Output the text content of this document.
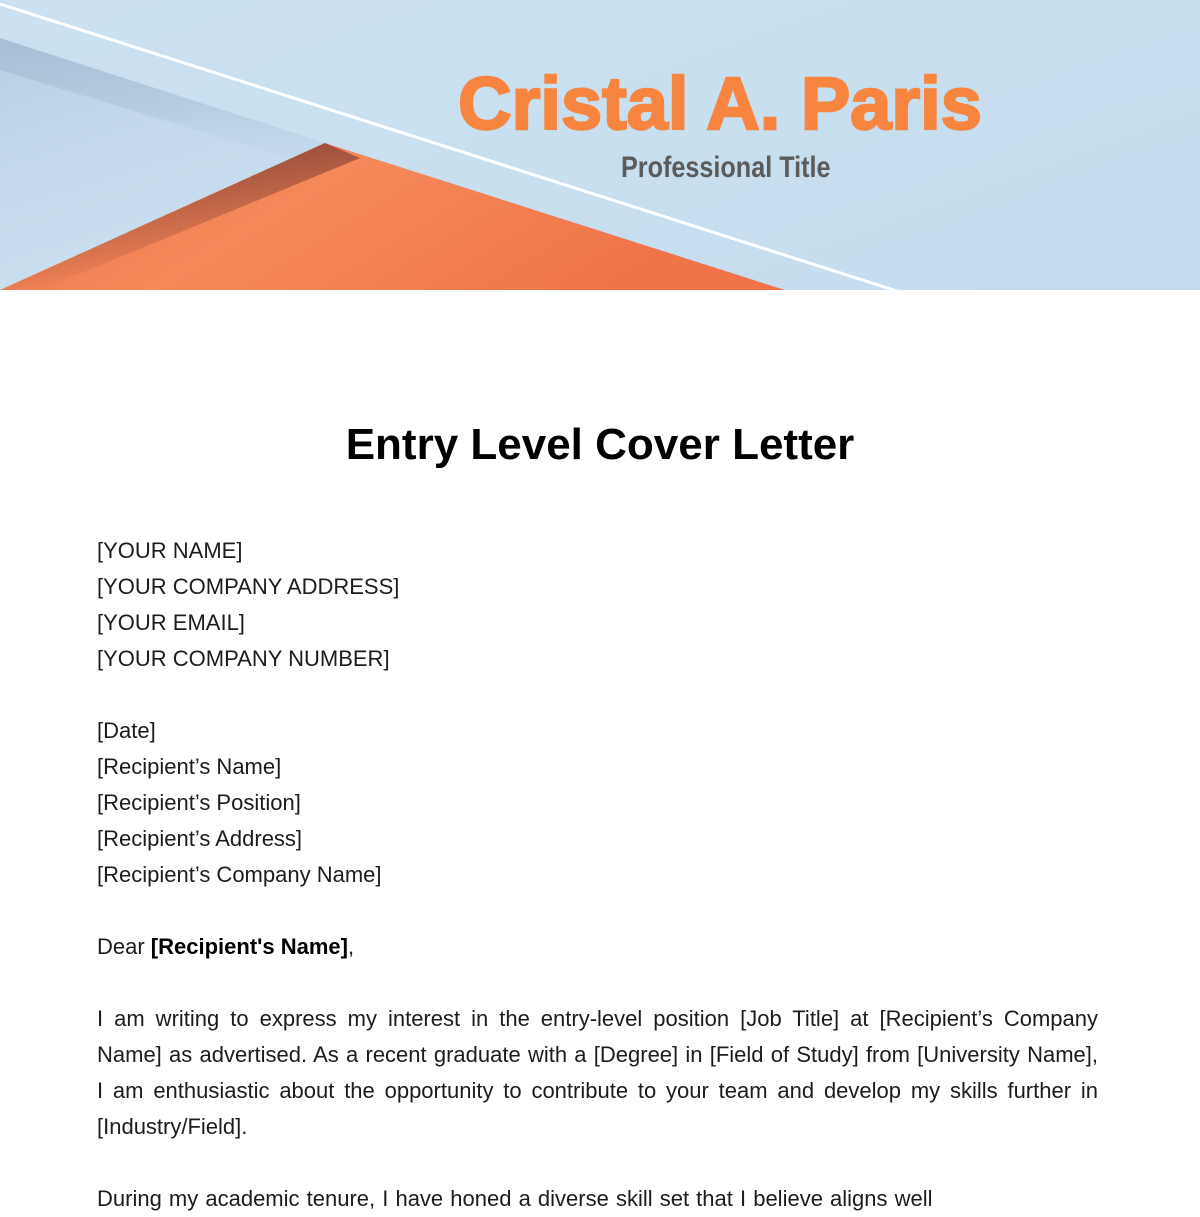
Cristal A. Paris
Professional Title
Entry Level Cover Letter
[YOUR NAME]
[YOUR COMPANY ADDRESS]
[YOUR EMAIL]
[YOUR COMPANY NUMBER]
[Date]
[Recipient’s Name]
[Recipient’s Position]
[Recipient’s Address]
[Recipient’s Company Name]
Dear [Recipient's Name],
I am writing to express my interest in the entry-level position [Job Title] at [Recipient’s Company Name] as advertised. As a recent graduate with a [Degree] in [Field of Study] from [University Name], I am enthusiastic about the opportunity to contribute to your team and develop my skills further in [Industry/Field].
During my academic tenure, I have honed a diverse skill set that I believe aligns well
